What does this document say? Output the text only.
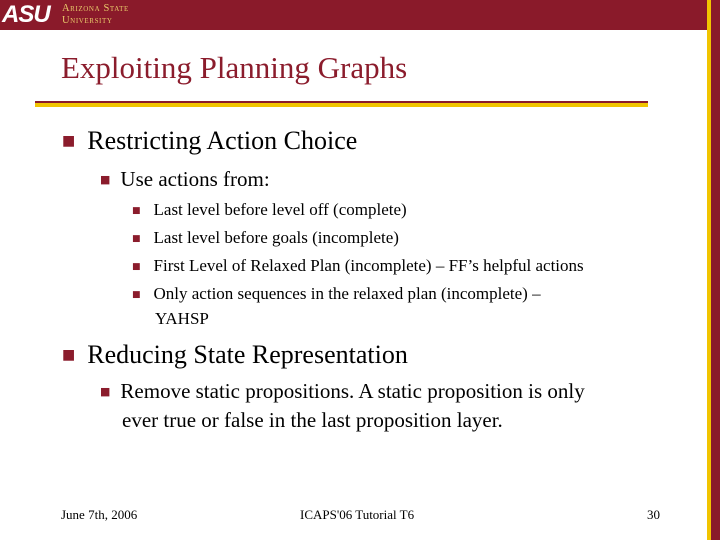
ASU Arizona State
University
Exploiting Planning Graphs
■ Restricting Action Choice
■ Use actions from:
■ Last level before level off (complete)
■ Last level before goals (incomplete)
■ First Level of Relaxed Plan (incomplete) – FF’s helpful actions
■ Only action sequences in the relaxed plan (incomplete) –
YAHSP
■ Reducing State Representation
■ Remove static propositions. A static proposition is only
ever true or false in the last proposition layer.
June 7th, 2006	ICAPS'06 Tutorial T6	30
